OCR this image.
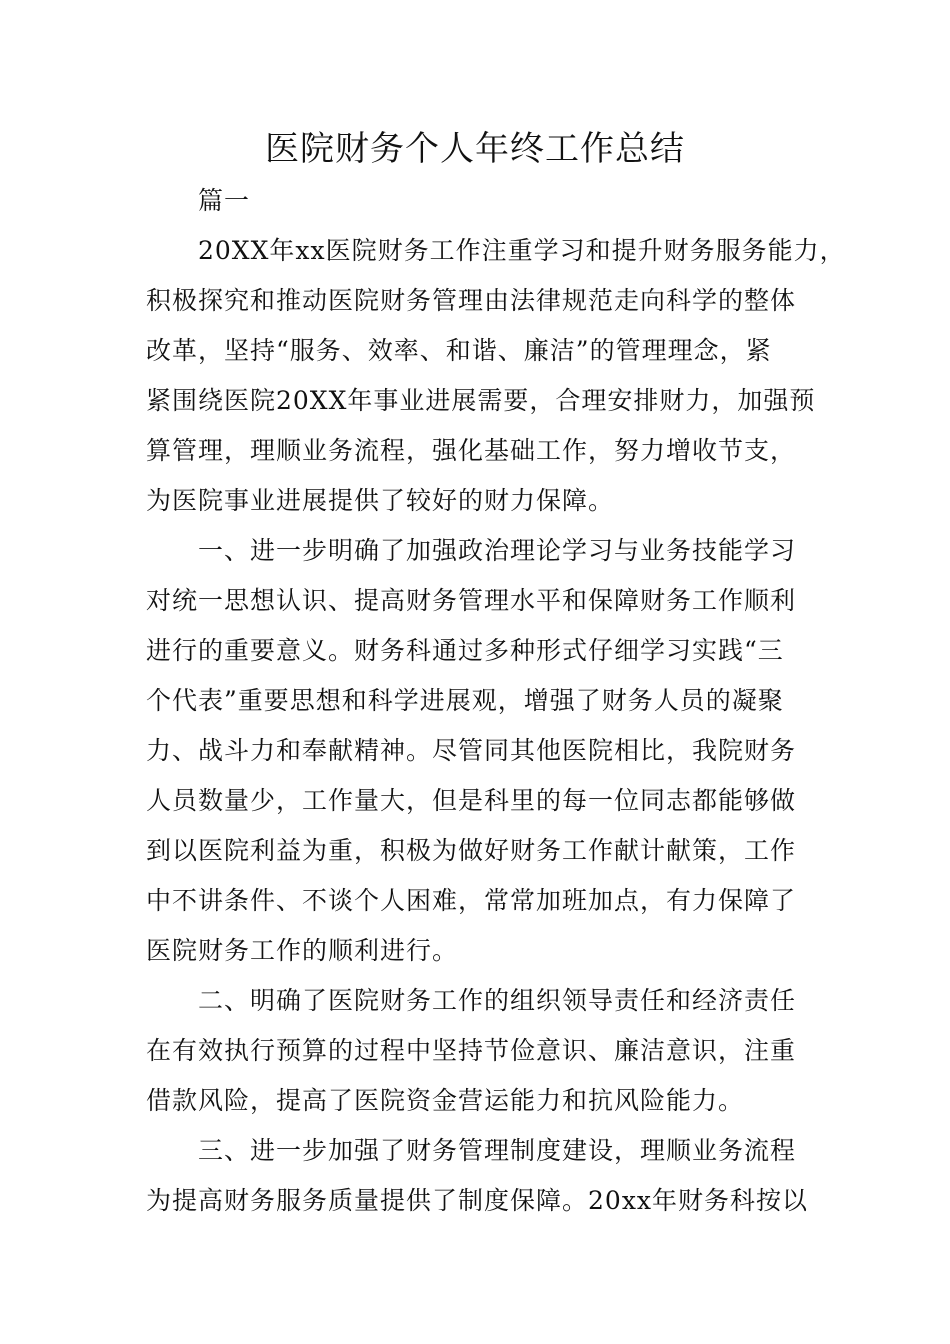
医院财务个人年终工作总结
篇一
20XX年xx医院财务工作注重学习和提升财务服务能力，
积极探究和推动医院财务管理由法律规范走向科学的整体
改革，坚持“服务、效率、和谐、廉洁”的管理理念，紧
紧围绕医院20XX年事业进展需要，合理安排财力，加强预
算管理，理顺业务流程，强化基础工作，努力增收节支，
为医院事业进展提供了较好的财力保障。
一、进一步明确了加强政治理论学习与业务技能学习
对统一思想认识、提高财务管理水平和保障财务工作顺利
进行的重要意义。财务科通过多种形式仔细学习实践“三
个代表”重要思想和科学进展观，增强了财务人员的凝聚
力、战斗力和奉献精神。尽管同其他医院相比，我院财务
人员数量少，工作量大，但是科里的每一位同志都能够做
到以医院利益为重，积极为做好财务工作献计献策，工作
中不讲条件、不谈个人困难，常常加班加点，有力保障了
医院财务工作的顺利进行。
二、明确了医院财务工作的组织领导责任和经济责任
在有效执行预算的过程中坚持节俭意识、廉洁意识，注重
借款风险，提高了医院资金营运能力和抗风险能力。
三、进一步加强了财务管理制度建设，理顺业务流程
为提高财务服务质量提供了制度保障。20xx年财务科按以
